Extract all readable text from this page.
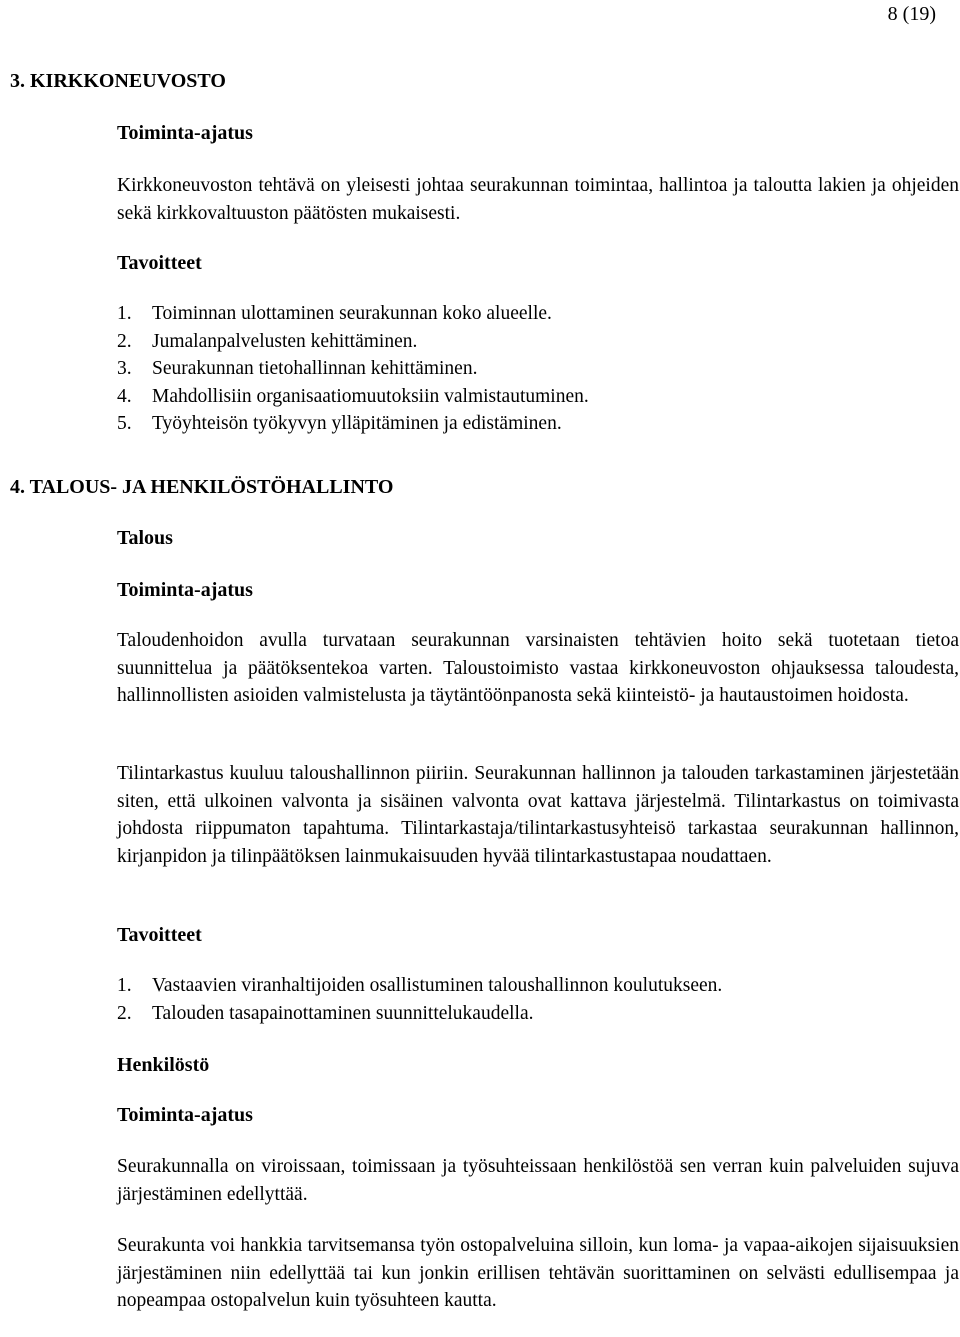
8 (19)
3. KIRKKONEUVOSTO
Toiminta-ajatus

Kirkkoneuvoston tehtävä on yleisesti johtaa seurakunnan toimintaa, hallintoa ja taloutta lakien ja ohjeiden sekä kirkkovaltuuston päätösten mukaisesti.

Tavoitteet
1.	Toiminnan ulottaminen seurakunnan koko alueelle.
2.	Jumalanpalvelusten kehittäminen.
3.	Seurakunnan tietohallinnan kehittäminen.
4.	Mahdollisiin organisaatiomuutoksiin valmistautuminen.
5.	Työyhteisön työkyvyn ylläpitäminen ja edistäminen.
4. TALOUS- JA HENKILÖSTÖHALLINTO
Talous
Toiminta-ajatus

Taloudenhoidon avulla turvataan seurakunnan varsinaisten tehtävien hoito sekä tuotetaan tietoa suunnittelua ja päätöksentekoa varten. Taloustoimisto vastaa kirkkoneuvoston ohjauksessa taloudesta, hallinnollisten asioiden valmistelusta ja täytäntöönpanosta sekä kiinteistö- ja hautaustoimen hoidosta.

Tilintarkastus kuuluu taloushallinnon piiriin. Seurakunnan hallinnon ja talouden tarkastaminen järjestetään siten, että ulkoinen valvonta ja sisäinen valvonta ovat kattava järjestelmä. Tilintarkastus on toimivasta johdosta riippumaton tapahtuma. Tilintarkastaja/tilintarkastusyhteisö tarkastaa seurakunnan hallinnon, kirjanpidon ja tilinpäätöksen lainmukaisuuden hyvää tilintarkastustapaa noudattaen.

Tavoitteet
1.	Vastaavien viranhaltijoiden osallistuminen taloushallinnon koulutukseen.
2.	Talouden tasapainottaminen suunnittelukaudella.
Henkilöstö
Toiminta-ajatus

Seurakunnalla on viroissaan, toimissaan ja työsuhteissaan henkilöstöä sen verran kuin palveluiden sujuva järjestäminen edellyttää.

Seurakunta voi hankkia tarvitsemansa työn ostopalveluina silloin, kun loma- ja vapaa-aikojen sijaisuuksien järjestäminen niin edellyttää tai kun jonkin erillisen tehtävän suorittaminen on selvästi edullisempaa ja nopeampaa ostopalvelun kuin työsuhteen kautta.
